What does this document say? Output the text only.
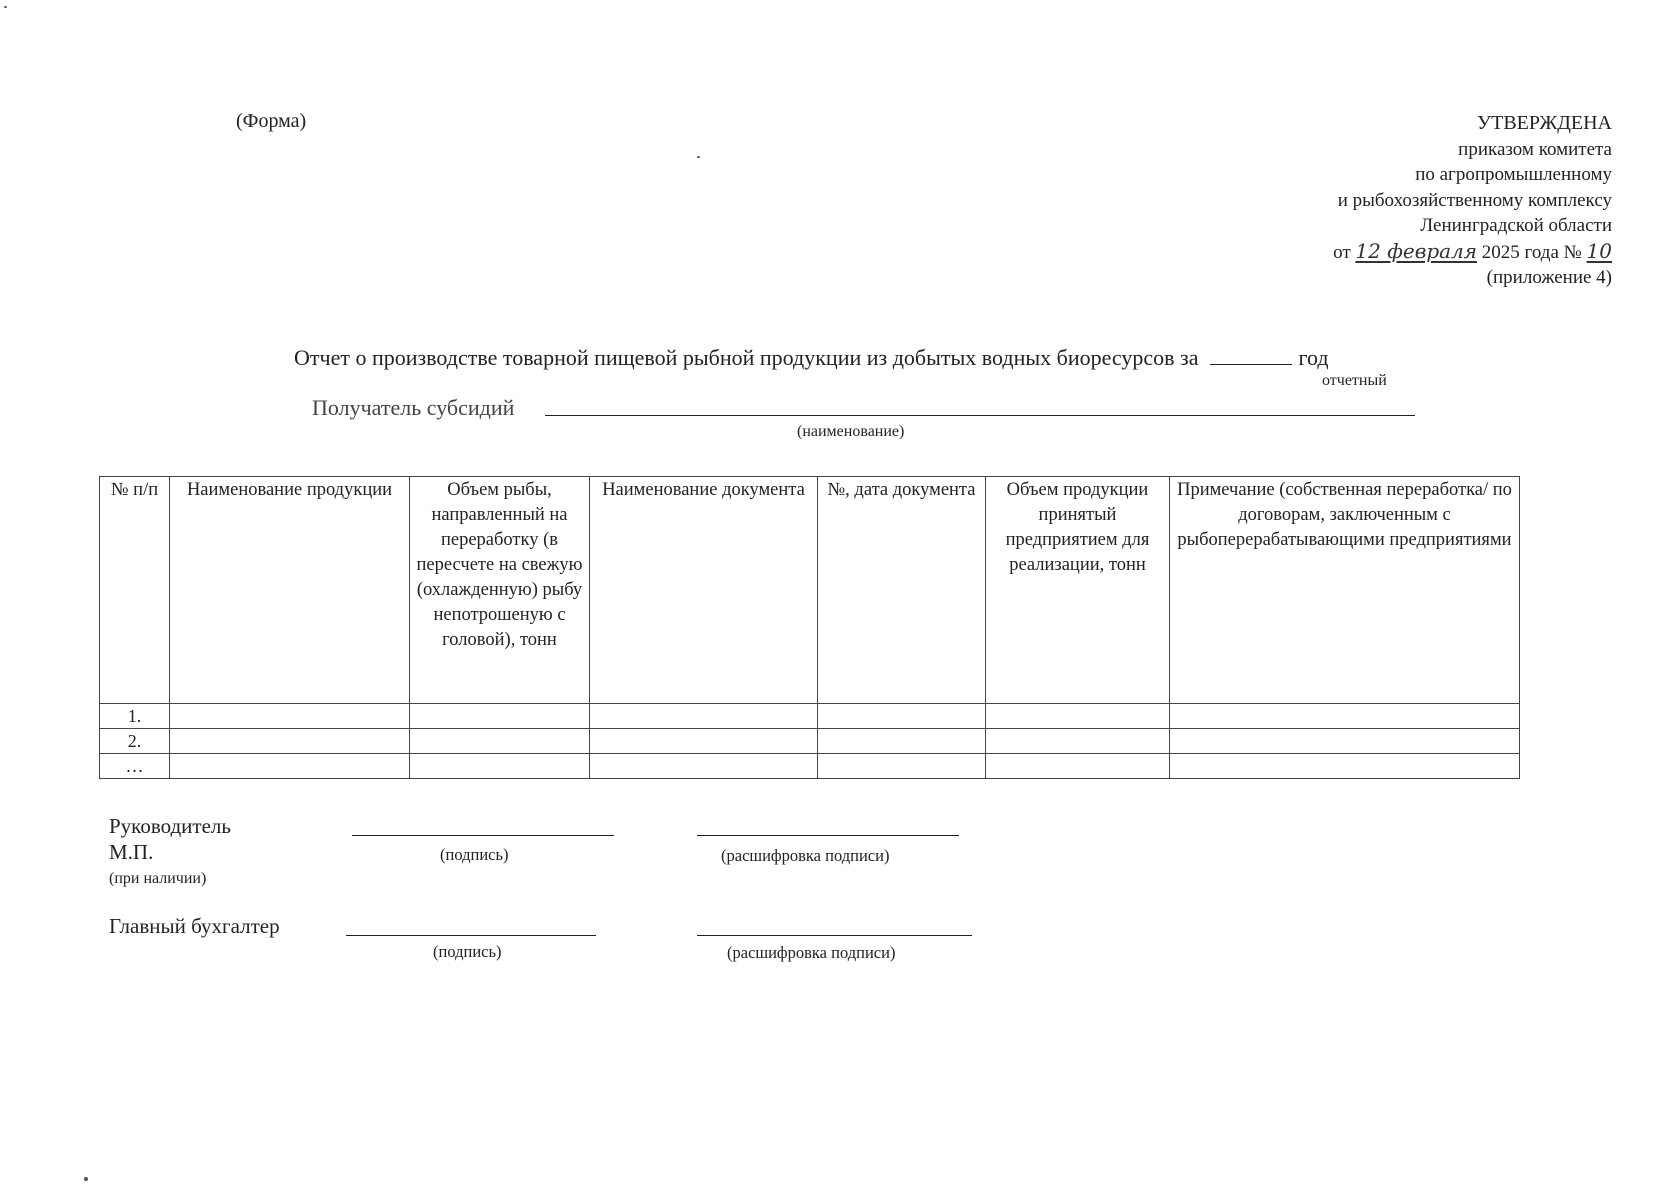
(Форма)	УТВЕРЖДЕНА
приказом комитета
по агропромышленному
и рыбохозяйственному комплексу
Ленинградской области
от 12 февраля 2025 года № 10
(приложение 4)
Отчет о производстве товарной пищевой рыбной продукции из добытых водных биоресурсов за	год
отчетный
Получатель субсидий
(наименование)
№ п/п	Наименование продукции	Объем рыбы, направленный на переработку (в пересчете на свежую (охлажденную) рыбу непотрошеную с головой), тонн	Наименование документа	№, дата документа	Объем продукции принятый предприятием для реализации, тонн	Примечание (собственная переработка/ по договорам, заключенным с рыбоперерабатывающими предприятиями
1.						
2.						
…						
Руководитель
М.П.	(подпись)	(расшифровка подписи)
(при наличии)
Главный бухгалтер
(подпись)	(расшифровка подписи)
